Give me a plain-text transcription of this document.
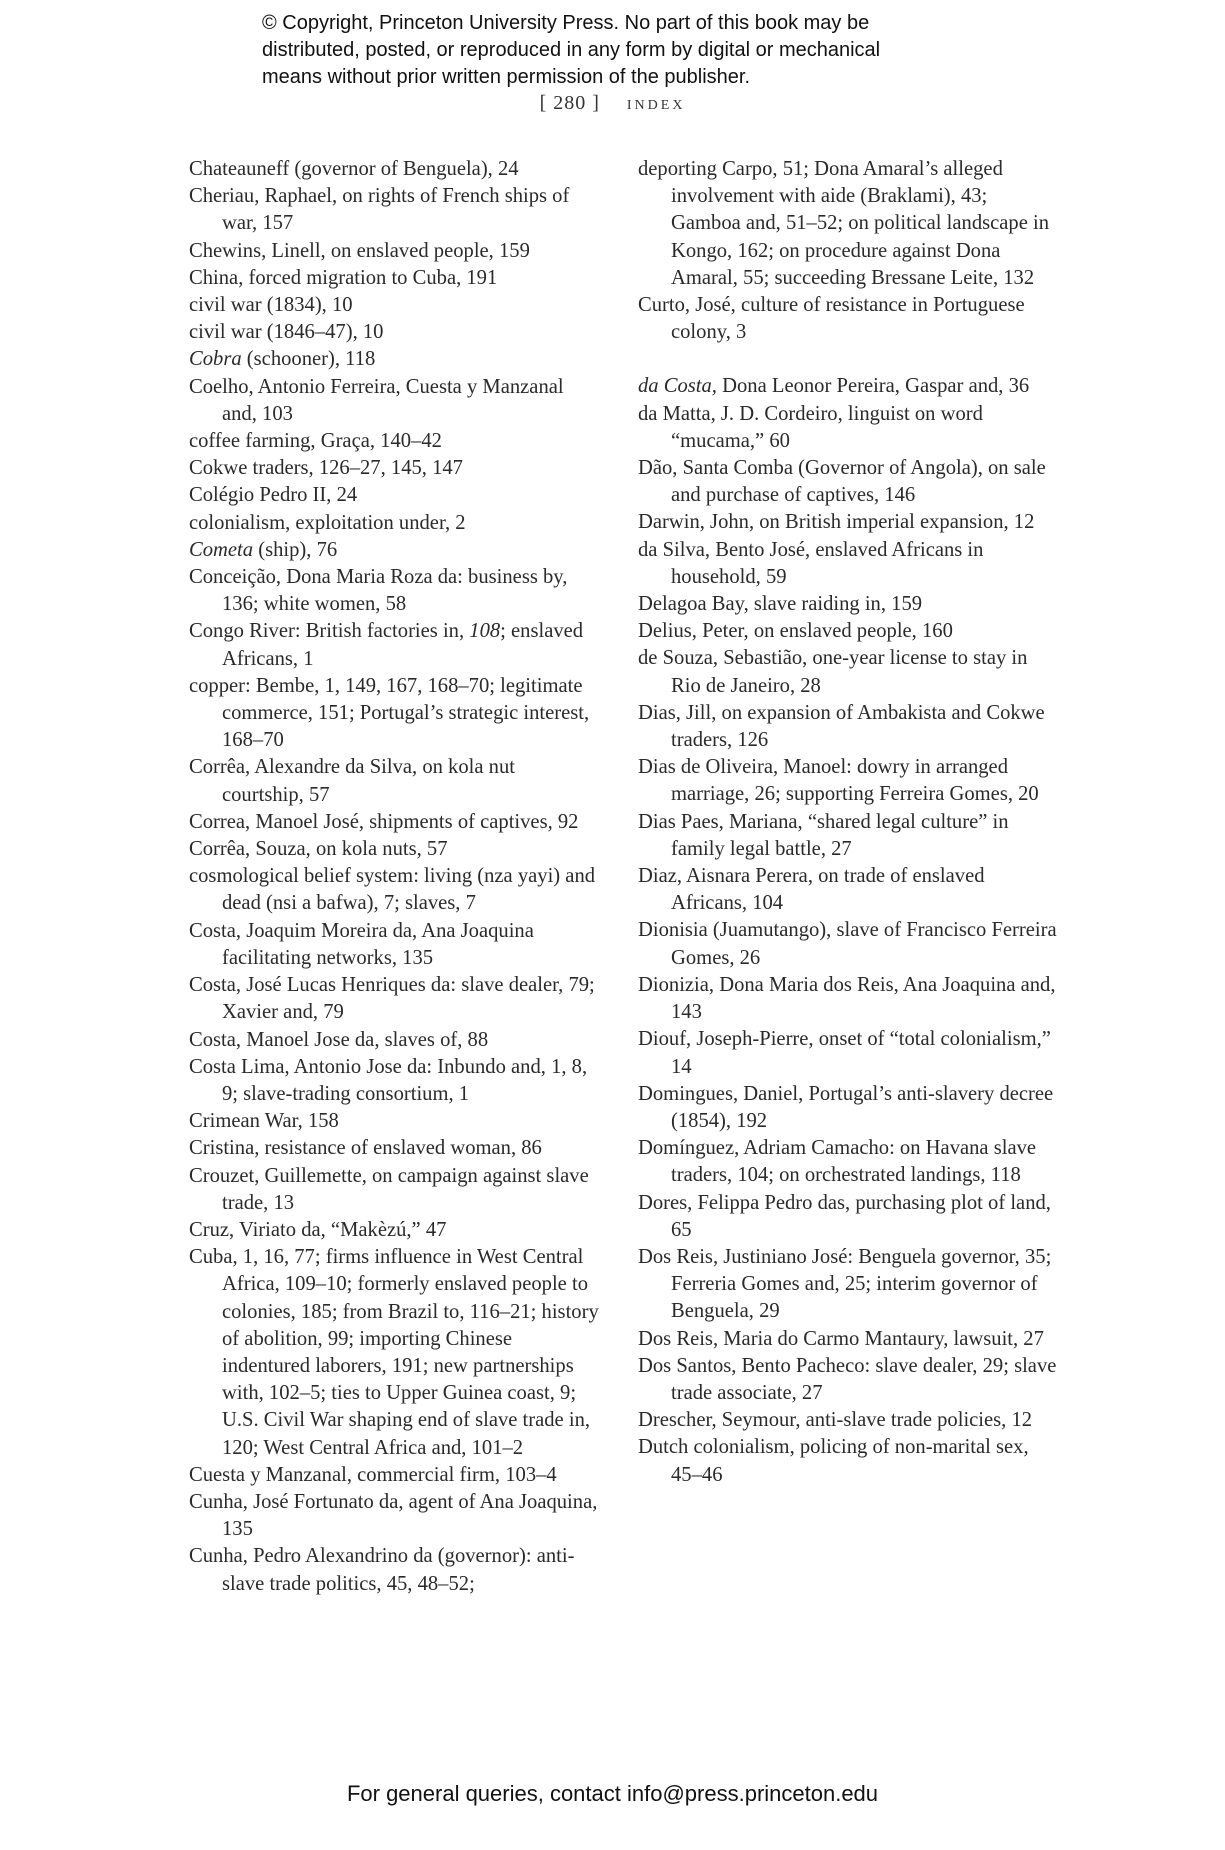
© Copyright, Princeton University Press. No part of this book may be
distributed, posted, or reproduced in any form by digital or mechanical
means without prior written permission of the publisher.
[ 280 ] index

Chateauneff (governor of Benguela), 24

Cheriau, Raphael, on rights of French ships of war, 157

Chewins, Linell, on enslaved people, 159

China, forced migration to Cuba, 191

civil war (1834), 10

civil war (1846–47), 10

Cobra (schooner), 118

Coelho, Antonio Ferreira, Cuesta y Manzanal and, 103

coffee farming, Graça, 140–42

Cokwe traders, 126–27, 145, 147

Colégio Pedro II, 24

colonialism, exploitation under, 2

Cometa (ship), 76

Conceição, Dona Maria Roza da: business by, 136; white women, 58

Congo River: British factories in, 108; enslaved Africans, 1

copper: Bembe, 1, 149, 167, 168–70; legitimate commerce, 151; Portugal’s strategic interest, 168–70

Corrêa, Alexandre da Silva, on kola nut courtship, 57

Correa, Manoel José, shipments of captives, 92

Corrêa, Souza, on kola nuts, 57

cosmological belief system: living (nza yayi) and dead (nsi a bafwa), 7; slaves, 7

Costa, Joaquim Moreira da, Ana Joaquina facilitating networks, 135

Costa, José Lucas Henriques da: slave dealer, 79; Xavier and, 79

Costa, Manoel Jose da, slaves of, 88

Costa Lima, Antonio Jose da: Inbundo and, 1, 8, 9; slave-trading consortium, 1

Crimean War, 158

Cristina, resistance of enslaved woman, 86

Crouzet, Guillemette, on campaign against slave trade, 13

Cruz, Viriato da, “Makèzú,” 47

Cuba, 1, 16, 77; firms influence in West Central Africa, 109–10; formerly enslaved people to colonies, 185; from Brazil to, 116–21; history of abolition, 99; importing Chinese indentured laborers, 191; new partnerships with, 102–5; ties to Upper Guinea coast, 9; U.S. Civil War shaping end of slave trade in, 120; West Central Africa and, 101–2

Cuesta y Manzanal, commercial firm, 103–4

Cunha, José Fortunato da, agent of Ana Joaquina, 135

Cunha, Pedro Alexandrino da (governor): anti-slave trade politics, 45, 48–52;

deporting Carpo, 51; Dona Amaral’s alleged involvement with aide (Braklami), 43; Gamboa and, 51–52; on political landscape in Kongo, 162; on procedure against Dona Amaral, 55; succeeding Bressane Leite, 132

Curto, José, culture of resistance in Portuguese colony, 3

da Costa, Dona Leonor Pereira, Gaspar and, 36

da Matta, J. D. Cordeiro, linguist on word “mucama,” 60

Dão, Santa Comba (Governor of Angola), on sale and purchase of captives, 146

Darwin, John, on British imperial expansion, 12

da Silva, Bento José, enslaved Africans in household, 59

Delagoa Bay, slave raiding in, 159

Delius, Peter, on enslaved people, 160

de Souza, Sebastião, one-year license to stay in Rio de Janeiro, 28

Dias, Jill, on expansion of Ambakista and Cokwe traders, 126

Dias de Oliveira, Manoel: dowry in arranged marriage, 26; supporting Ferreira Gomes, 20

Dias Paes, Mariana, “shared legal culture” in family legal battle, 27

Diaz, Aisnara Perera, on trade of enslaved Africans, 104

Dionisia (Juamutango), slave of Francisco Ferreira Gomes, 26

Dionizia, Dona Maria dos Reis, Ana Joaquina and, 143

Diouf, Joseph-Pierre, onset of “total colonialism,” 14

Domingues, Daniel, Portugal’s anti-slavery decree (1854), 192

Domínguez, Adriam Camacho: on Havana slave traders, 104; on orchestrated landings, 118

Dores, Felippa Pedro das, purchasing plot of land, 65

Dos Reis, Justiniano José: Benguela governor, 35; Ferreria Gomes and, 25; interim governor of Benguela, 29

Dos Reis, Maria do Carmo Mantaury, lawsuit, 27

Dos Santos, Bento Pacheco: slave dealer, 29; slave trade associate, 27

Drescher, Seymour, anti-slave trade policies, 12

Dutch colonialism, policing of non-marital sex, 45–46

For general queries, contact info@press.princeton.edu
